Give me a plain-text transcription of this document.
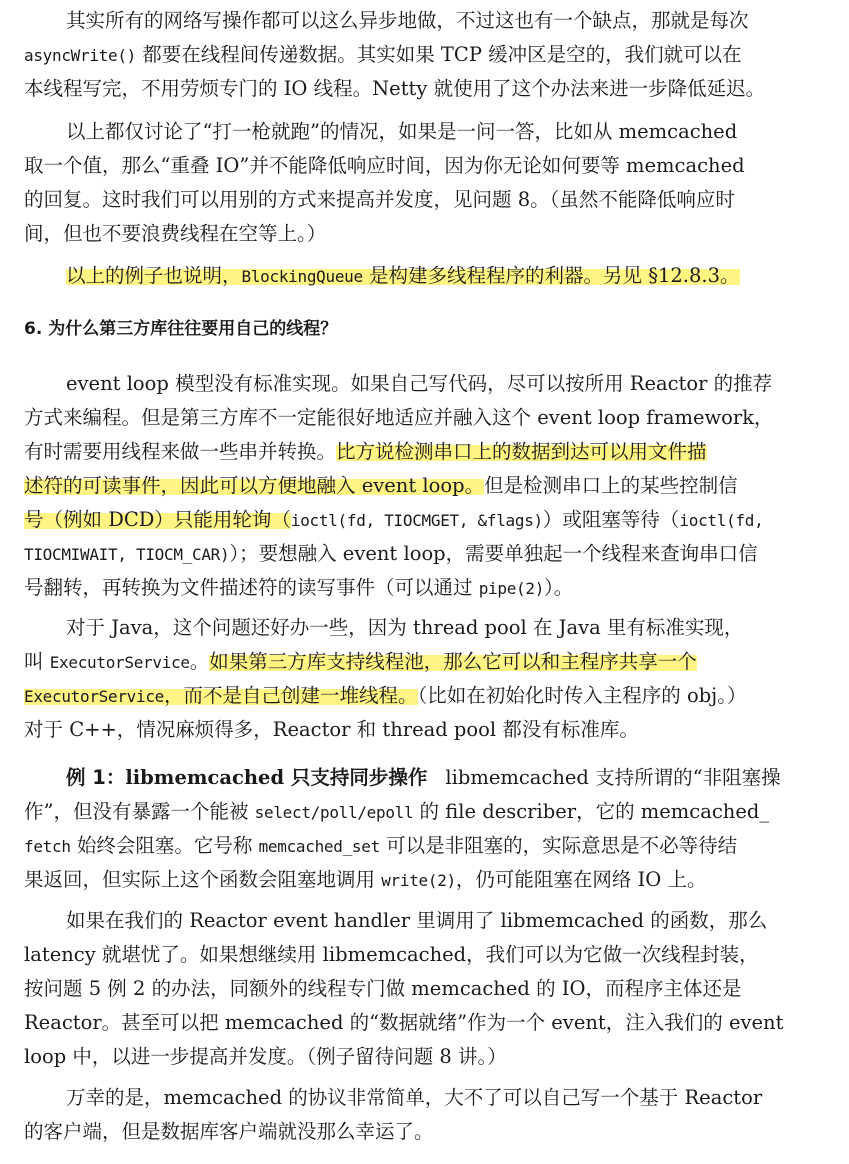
其实所有的网络写操作都可以这么异步地做，不过这也有一个缺点，那就是每次
asyncWrite() 都要在线程间传递数据。其实如果 TCP 缓冲区是空的，我们就可以在
本线程写完，不用劳烦专门的 IO 线程。Netty 就使用了这个办法来进一步降低延迟。
以上都仅讨论了“打一枪就跑”的情况，如果是一问一答，比如从 memcached
取一个值，那么“重叠 IO”并不能降低响应时间，因为你无论如何要等 memcached
的回复。这时我们可以用别的方式来提高并发度，见问题 8。（虽然不能降低响应时
间，但也不要浪费线程在空等上。）
以上的例子也说明，BlockingQueue 是构建多线程程序的利器。另见 §12.8.3。
6. 为什么第三方库往往要用自己的线程？
event loop 模型没有标准实现。如果自己写代码，尽可以按所用 Reactor 的推荐
方式来编程。但是第三方库不一定能很好地适应并融入这个 event loop framework，
有时需要用线程来做一些串并转换。比方说检测串口上的数据到达可以用文件描
述符的可读事件，因此可以方便地融入 event loop。但是检测串口上的某些控制信
号（例如 DCD）只能用轮询（ioctl(fd, TIOCMGET, &flags)）或阻塞等待（ioctl(fd,
TIOCMIWAIT, TIOCM_CAR)）；要想融入 event loop，需要单独起一个线程来查询串口信
号翻转，再转换为文件描述符的读写事件（可以通过 pipe(2)）。
对于 Java，这个问题还好办一些，因为 thread pool 在 Java 里有标准实现，
叫 ExecutorService。如果第三方库支持线程池，那么它可以和主程序共享一个
ExecutorService，而不是自己创建一堆线程。（比如在初始化时传入主程序的 obj。）
对于 C++，情况麻烦得多，Reactor 和 thread pool 都没有标准库。
例 1：libmemcached 只支持同步操作 libmemcached 支持所谓的“非阻塞操
作”，但没有暴露一个能被 select/poll/epoll 的 file describer，它的 memcached_
fetch 始终会阻塞。它号称 memcached_set 可以是非阻塞的，实际意思是不必等待结
果返回，但实际上这个函数会阻塞地调用 write(2)，仍可能阻塞在网络 IO 上。
如果在我们的 Reactor event handler 里调用了 libmemcached 的函数，那么
latency 就堪忧了。如果想继续用 libmemcached，我们可以为它做一次线程封装，
按问题 5 例 2 的办法，同额外的线程专门做 memcached 的 IO，而程序主体还是
Reactor。甚至可以把 memcached 的“数据就绪”作为一个 event，注入我们的 event
loop 中，以进一步提高并发度。（例子留待问题 8 讲。）
万幸的是，memcached 的协议非常简单，大不了可以自己写一个基于 Reactor
的客户端，但是数据库客户端就没那么幸运了。
